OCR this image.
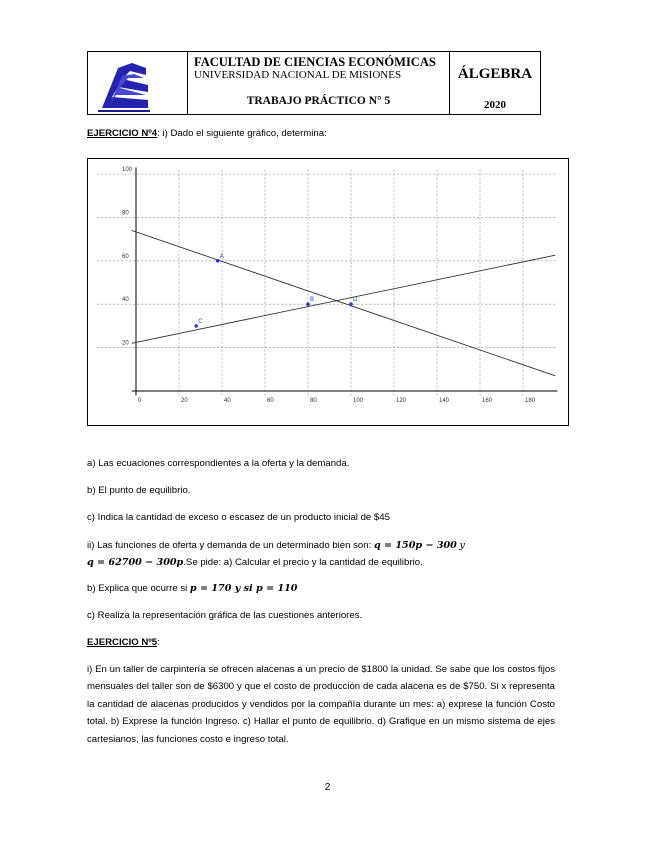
FACULTAD DE CIENCIAS ECONÓMICAS
UNIVERSIDAD NACIONAL DE MISIONES
TRABAJO PRÁCTICO N° 5
ÁLGEBRA
2020
EJERCICIO Nº4: i) Dado el siguiente gráfico, determina:
0	20	40	60	80	100	120	140	160	180
100
80
60
40
20
A
B
C
D
a) Las ecuaciones correspondientes a la oferta y la demanda.
b) El punto de equilibrio.
c) Indica la cantidad de exceso o escasez de un producto inicial de $45
ii) Las funciones de oferta y demanda de un determinado bien son: q = 150p − 300 y
q = 62700 − 300p.Se pide: a) Calcular el precio y la cantidad de equilibrio.
b) Explica que ocurre si p = 170 y si p = 110
c) Realiza la representación gráfica de las cuestiones anteriores.
EJERCICIO Nº5:
i) En un taller de carpintería se ofrecen alacenas a un precio de $1800 la unidad. Se sabe que los costos fijos mensuales del taller son de $6300 y que el costo de producción de cada alacena es de $750. Si x representa la cantidad de alacenas producidos y vendidos por la compañía durante un mes: a) exprese la función Costo total. b) Exprese la función Ingreso. c) Hallar el punto de equilibrio. d) Grafique en un mismo sistema de ejes cartesianos, las funciones costo e ingreso total.
2
